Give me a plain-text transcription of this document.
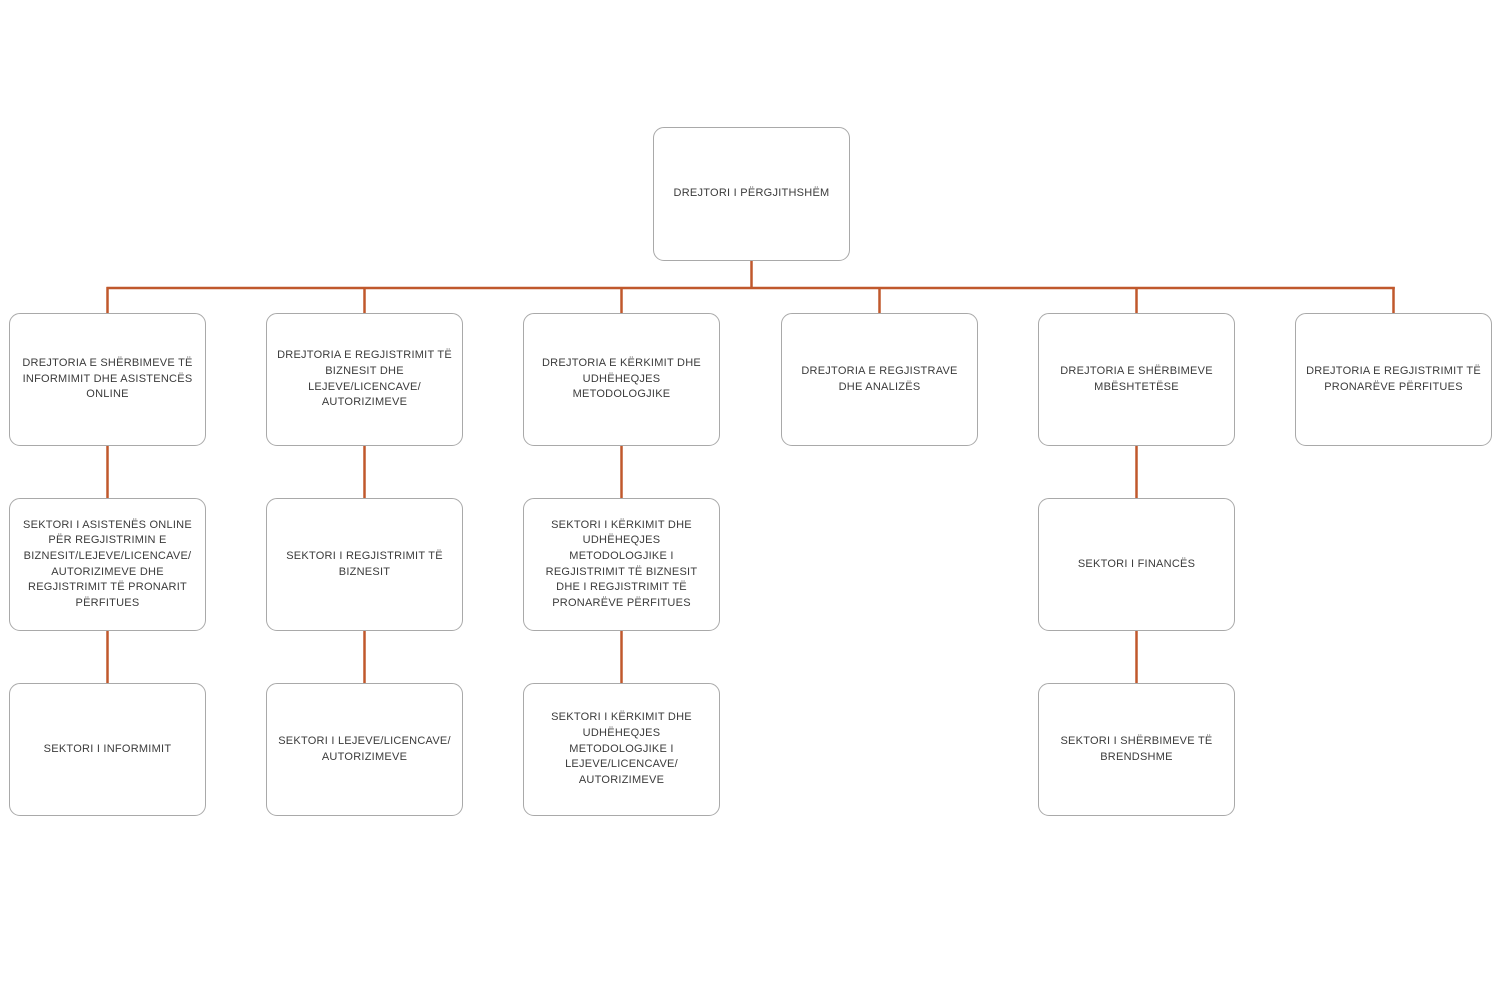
DREJTORI I PËRGJITHSHËM
DREJTORIA E SHËRBIMEVE TË INFORMIMIT DHE ASISTENCËS ONLINE
DREJTORIA E REGJISTRIMIT TË BIZNESIT DHE LEJEVE/LICENCAVE/ AUTORIZIMEVE
DREJTORIA E KËRKIMIT DHE UDHËHEQJES METODOLOGJIKE
DREJTORIA E REGJISTRAVE DHE ANALIZËS
DREJTORIA E SHËRBIMEVE MBËSHTETËSE
DREJTORIA E REGJISTRIMIT TË PRONARËVE PËRFITUES
SEKTORI I ASISTENËS ONLINE PËR REGJISTRIMIN E BIZNESIT/LEJEVE/LICENCAVE/ AUTORIZIMEVE DHE REGJISTRIMIT TË PRONARIT PËRFITUES
SEKTORI I REGJISTRIMIT TË BIZNESIT
SEKTORI I KËRKIMIT DHE UDHËHEQJES METODOLOGJIKE I REGJISTRIMIT TË BIZNESIT DHE I REGJISTRIMIT TË PRONARËVE PËRFITUES
SEKTORI I FINANCËS
SEKTORI I INFORMIMIT
SEKTORI I LEJEVE/LICENCAVE/ AUTORIZIMEVE
SEKTORI I KËRKIMIT DHE UDHËHEQJES METODOLOGJIKE I LEJEVE/LICENCAVE/ AUTORIZIMEVE
SEKTORI I SHËRBIMEVE TË BRENDSHME
